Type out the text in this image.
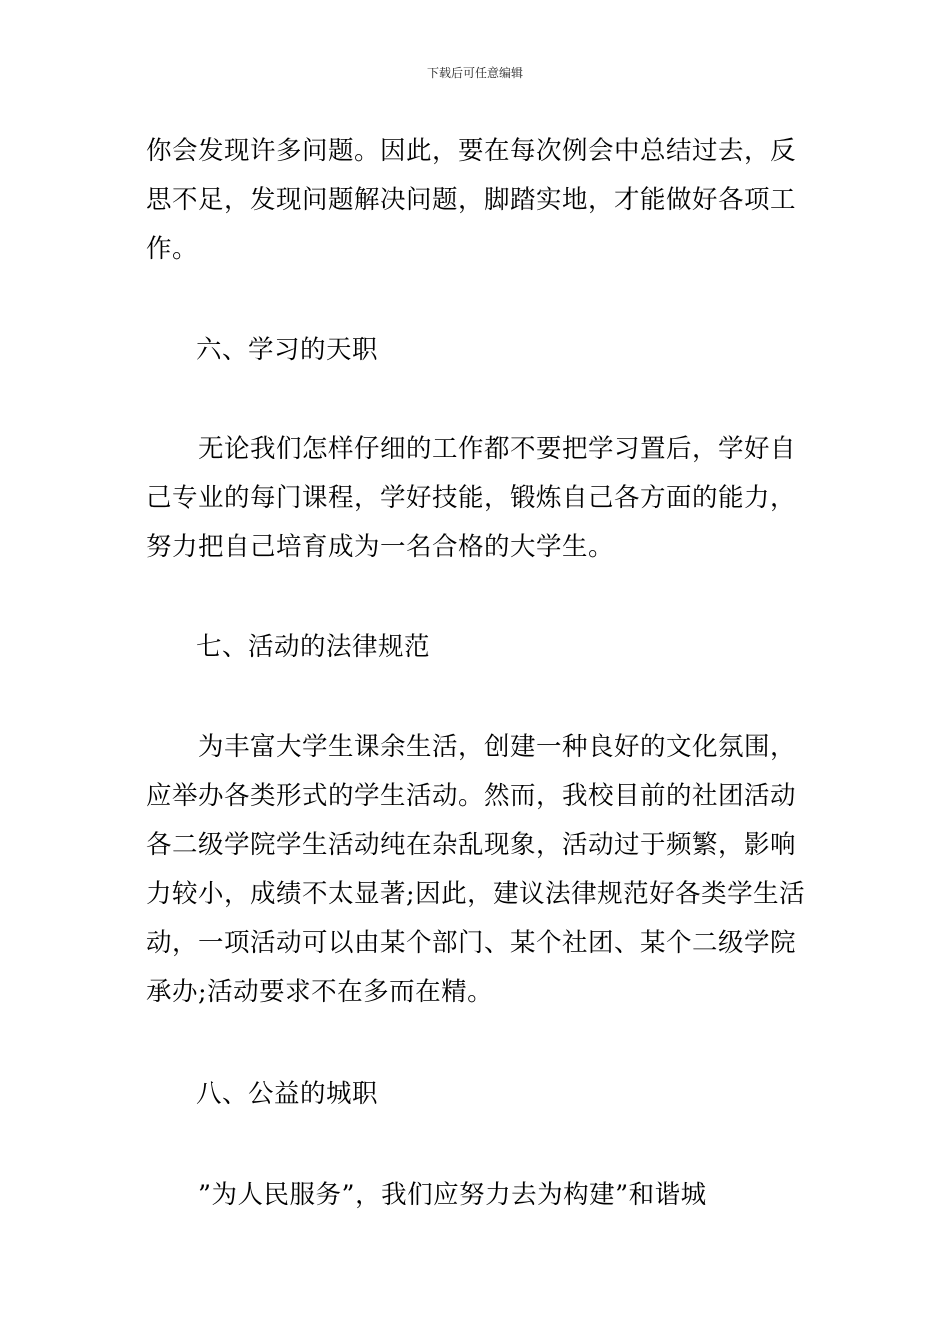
下载后可任意编辑
你会发现许多问题。因此，要在每次例会中总结过去，反
思不足，发现问题解决问题，脚踏实地，才能做好各项工
作。
六、学习的天职
　　无论我们怎样仔细的工作都不要把学习置后，学好自
己专业的每门课程，学好技能，锻炼自己各方面的能力，
努力把自己培育成为一名合格的大学生。
七、活动的法律规范
　　为丰富大学生课余生活，创建一种良好的文化氛围，
应举办各类形式的学生活动。然而，我校目前的社团活动
各二级学院学生活动纯在杂乱现象，活动过于频繁，影响
力较小，成绩不太显著;因此，建议法律规范好各类学生活
动，一项活动可以由某个部门、某个社团、某个二级学院
承办;活动要求不在多而在精。
八、公益的城职
　　”为人民服务”，我们应努力去为构建”和谐城
